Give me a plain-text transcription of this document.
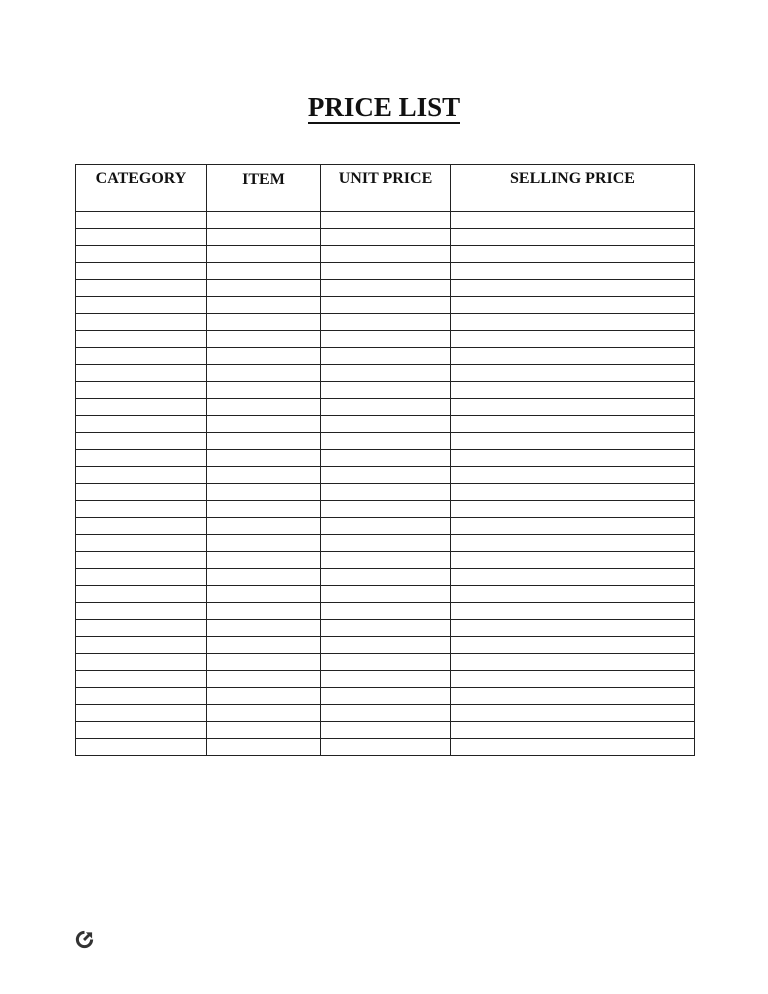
PRICE LIST
CATEGORY	ITEM	UNIT PRICE	SELLING PRICE
